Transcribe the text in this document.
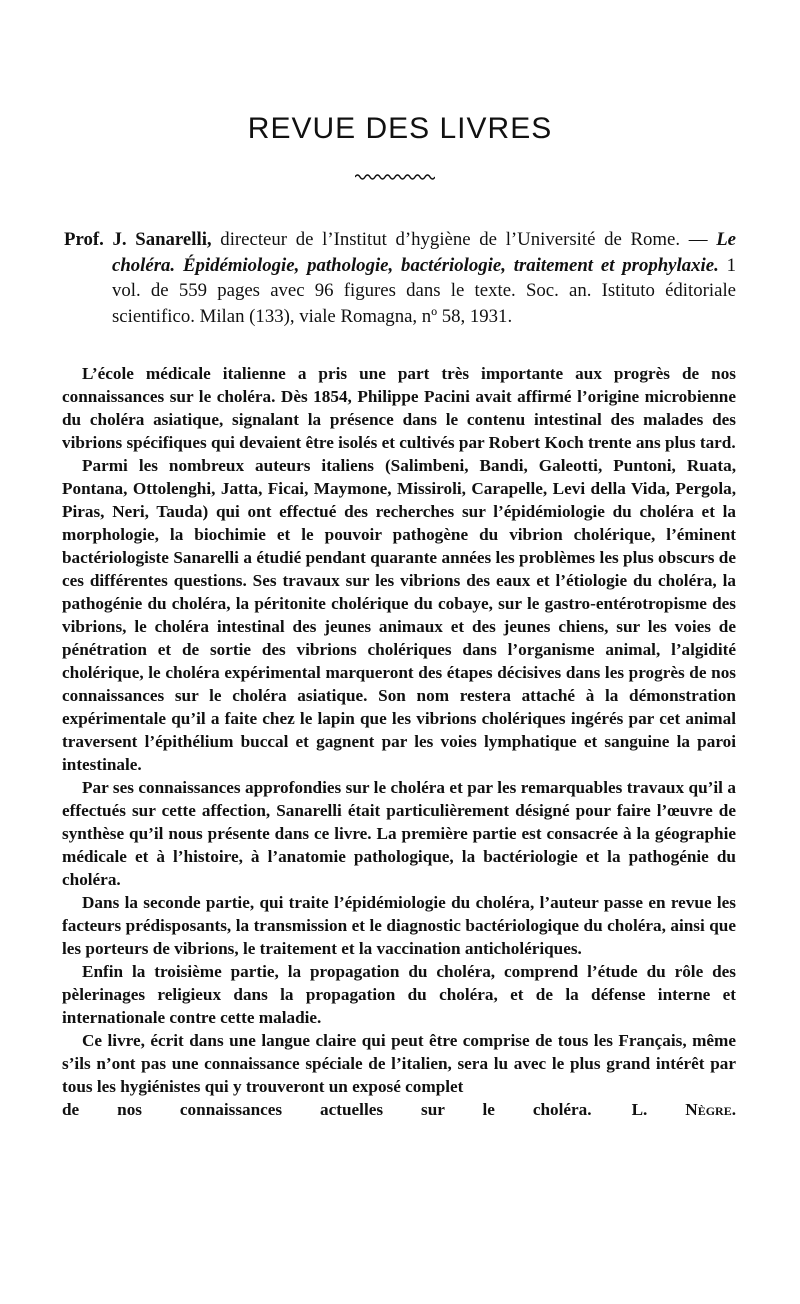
REVUE DES LIVRES

Prof. J. Sanarelli, directeur de l’Institut d’hygiène de l’Université de Rome. — Le choléra. Épidémiologie, pathologie, bactériologie, traitement et prophylaxie. 1 vol. de 559 pages avec 96 figures dans le texte. Soc. an. Istituto éditoriale scientifico. Milan (133), viale Romagna, nº 58, 1931.

L’école médicale italienne a pris une part très importante aux progrès de nos connaissances sur le choléra. Dès 1854, Philippe Pacini avait affirmé l’origine microbienne du choléra asiatique, signalant la présence dans le contenu intestinal des malades des vibrions spécifiques qui devaient être isolés et cultivés par Robert Koch trente ans plus tard.

Parmi les nombreux auteurs italiens (Salimbeni, Bandi, Galeotti, Puntoni, Ruata, Pontana, Ottolenghi, Jatta, Ficai, Maymone, Missiroli, Carapelle, Levi della Vida, Pergola, Piras, Neri, Tauda) qui ont effectué des recherches sur l’épidémiologie du choléra et la morphologie, la biochimie et le pouvoir pathogène du vibrion cholérique, l’éminent bactériologiste Sanarelli a étudié pendant quarante années les problèmes les plus obscurs de ces différentes questions. Ses travaux sur les vibrions des eaux et l’étiologie du choléra, la pathogénie du choléra, la péritonite cholérique du cobaye, sur le gastro-entérotropisme des vibrions, le choléra intestinal des jeunes animaux et des jeunes chiens, sur les voies de pénétration et de sortie des vibrions cholériques dans l’organisme animal, l’algidité cholérique, le choléra expérimental marqueront des étapes décisives dans les progrès de nos connaissances sur le choléra asiatique. Son nom restera attaché à la démonstration expérimentale qu’il a faite chez le lapin que les vibrions cholériques ingérés par cet animal traversent l’épithélium buccal et gagnent par les voies lymphatique et sanguine la paroi intestinale.

Par ses connaissances approfondies sur le choléra et par les remarquables travaux qu’il a effectués sur cette affection, Sanarelli était particulièrement désigné pour faire l’œuvre de synthèse qu’il nous présente dans ce livre. La première partie est consacrée à la géographie médicale et à l’histoire, à l’anatomie pathologique, la bactériologie et la pathogénie du choléra.

Dans la seconde partie, qui traite l’épidémiologie du choléra, l’auteur passe en revue les facteurs prédisposants, la transmission et le diagnostic bactériologique du choléra, ainsi que les porteurs de vibrions, le traitement et la vaccination anticholériques.

Enfin la troisième partie, la propagation du choléra, comprend l’étude du rôle des pèlerinages religieux dans la propagation du choléra, et de la défense interne et internationale contre cette maladie.

Ce livre, écrit dans une langue claire qui peut être comprise de tous les Français, même s’ils n’ont pas une connaissance spéciale de l’italien, sera lu avec le plus grand intérêt par tous les hygiénistes qui y trouveront un exposé complet

de nos connaissances actuelles sur le choléra. L. Nègre.
